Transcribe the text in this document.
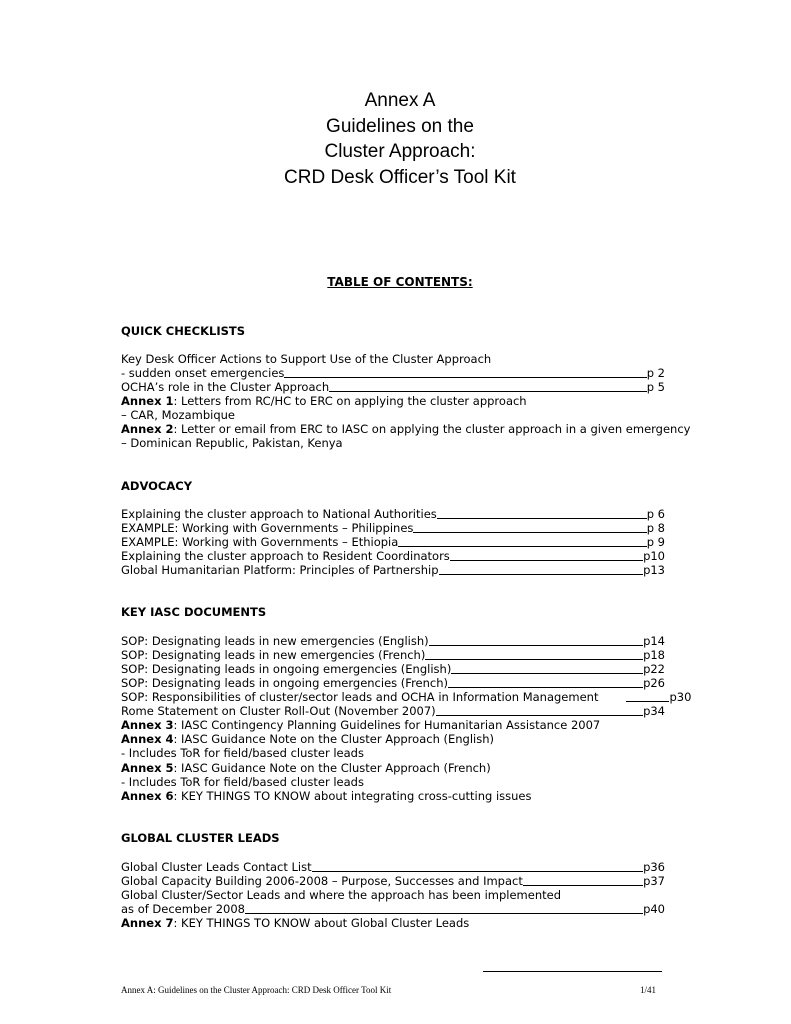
Annex A
Guidelines on the
Cluster Approach:
CRD Desk Officer’s Tool Kit
TABLE OF CONTENTS:
QUICK CHECKLISTS
Key Desk Officer Actions to Support Use of the Cluster Approach
- sudden onset emergencies	p 2
OCHA’s role in the Cluster Approach	p 5
Annex 1: Letters from RC/HC to ERC on applying the cluster approach
– CAR, Mozambique
Annex 2: Letter or email from ERC to IASC on applying the cluster approach in a given emergency
– Dominican Republic, Pakistan, Kenya
ADVOCACY
Explaining the cluster approach to National Authorities	p 6
EXAMPLE: Working with Governments – Philippines	p 8
EXAMPLE: Working with Governments – Ethiopia	p 9
Explaining the cluster approach to Resident Coordinators	p10
Global Humanitarian Platform: Principles of Partnership	p13
KEY IASC DOCUMENTS
SOP: Designating leads in new emergencies (English)	p14
SOP: Designating leads in new emergencies (French)	p18
SOP: Designating leads in ongoing emergencies (English)	p22
SOP: Designating leads in ongoing emergencies (French)	p26
SOP: Responsibilities of cluster/sector leads and OCHA in Information Management	p30
Rome Statement on Cluster Roll-Out (November 2007)	p34
Annex 3: IASC Contingency Planning Guidelines for Humanitarian Assistance 2007
Annex 4: IASC Guidance Note on the Cluster Approach (English)
- Includes ToR for field/based cluster leads
Annex 5: IASC Guidance Note on the Cluster Approach (French)
- Includes ToR for field/based cluster leads
Annex 6: KEY THINGS TO KNOW about integrating cross-cutting issues
GLOBAL CLUSTER LEADS
Global Cluster Leads Contact List	p36
Global Capacity Building 2006-2008 – Purpose, Successes and Impact	p37
Global Cluster/Sector Leads and where the approach has been implemented
as of December 2008	p40
Annex 7: KEY THINGS TO KNOW about Global Cluster Leads
Annex A: Guidelines on the Cluster Approach: CRD Desk Officer Tool Kit	1/41
